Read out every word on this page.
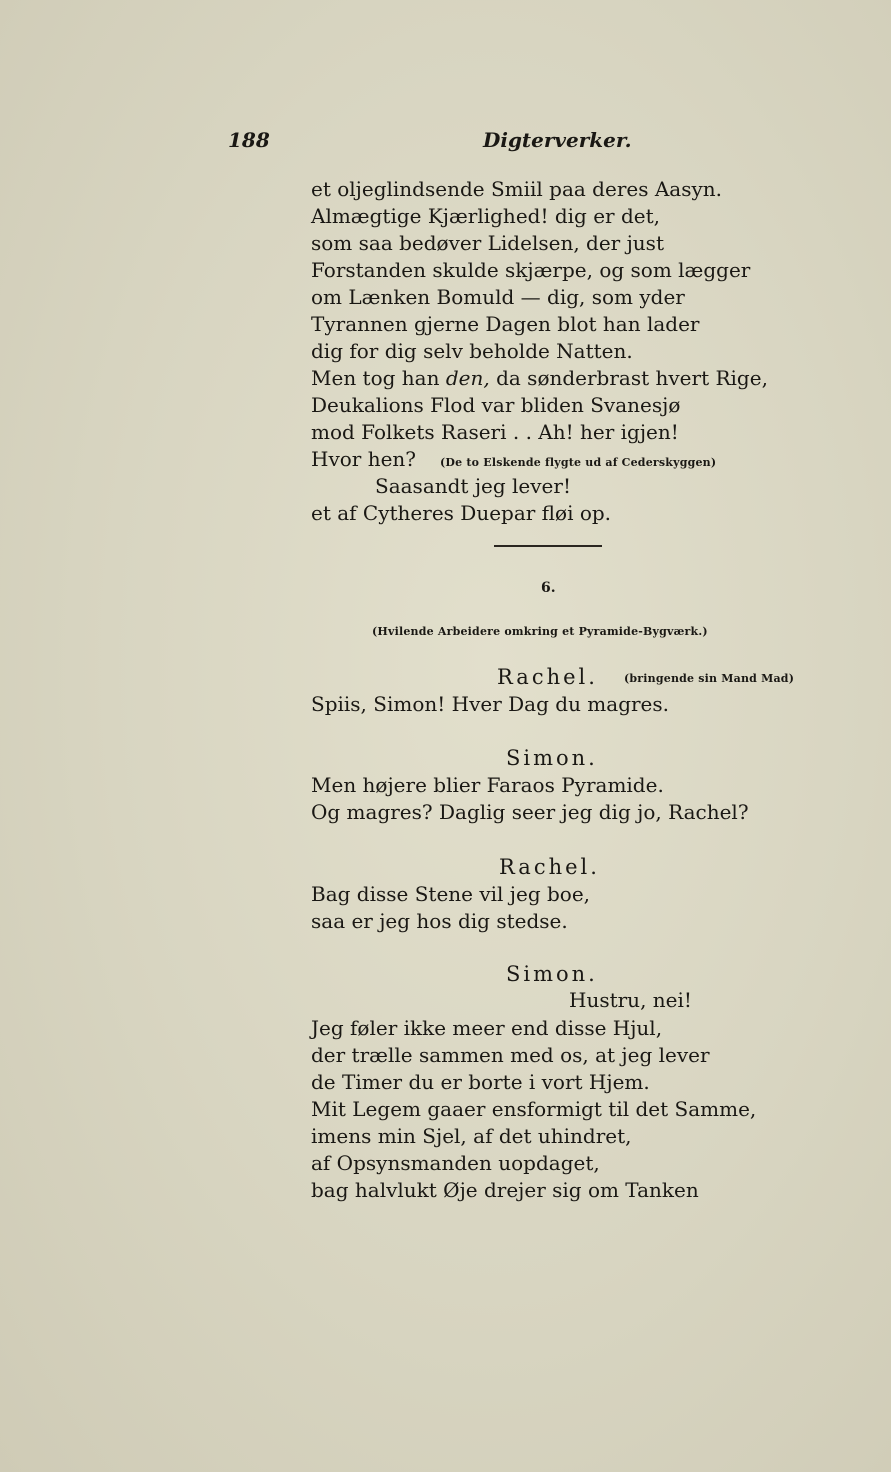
188	Digterverker.
et oljeglindsende Smiil paa deres Aasyn.
Almægtige Kjærlighed! dig er det,
som saa bedøver Lidelsen, der just
Forstanden skulde skjærpe, og som lægger
om Lænken Bomuld — dig, som yder
Tyrannen gjerne Dagen blot han lader
dig for dig selv beholde Natten.
Men tog han den, da sønderbrast hvert Rige,
Deukalions Flod var bliden Svanesjø
mod Folkets Raseri . . Ah! her igjen!
Hvor hen? (De to Elskende flygte ud af Cederskyggen)
Saasandt jeg lever!
et af Cytheres Duepar fløi op.
6.
(Hvilende Arbeidere omkring et Pyramide-Bygværk.)
Rachel. (bringende sin Mand Mad)
Spiis, Simon! Hver Dag du magres.
Simon.
Men højere blier Faraos Pyramide.
Og magres? Daglig seer jeg dig jo, Rachel?
Rachel.
Bag disse Stene vil jeg boe,
saa er jeg hos dig stedse.
Simon.
Hustru, nei!
Jeg føler ikke meer end disse Hjul,
der trælle sammen med os, at jeg lever
de Timer du er borte i vort Hjem.
Mit Legem gaaer ensformigt til det Samme,
imens min Sjel, af det uhindret,
af Opsynsmanden uopdaget,
bag halvlukt Øje drejer sig om Tanken
